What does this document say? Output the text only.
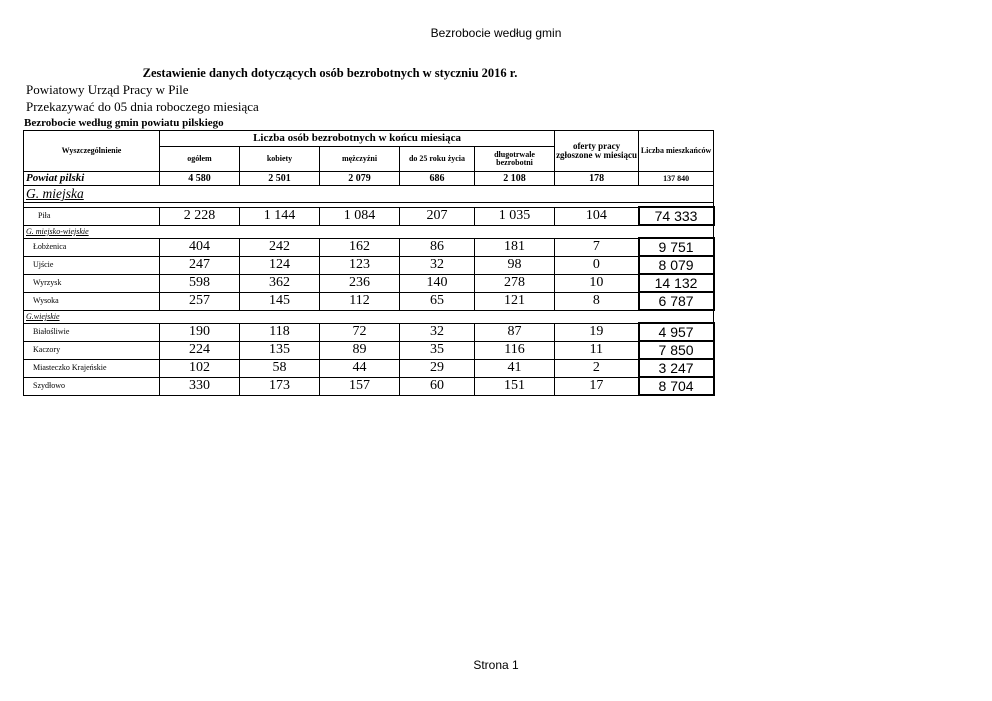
Bezrobocie według gmin
Zestawienie danych dotyczących osób bezrobotnych w styczniu 2016 r.
Powiatowy Urząd Pracy w Pile
Przekazywać do 05 dnia roboczego miesiąca
Bezrobocie według gmin powiatu pilskiego
Wyszczególnienie	Liczba osób bezrobotnych w końcu miesiąca					oferty pracy zgłoszone w miesiącu	Liczba mieszkańców
	ogółem	kobiety	mężczyźni	do 25 roku życia	długotrwale bezrobotni		
Powiat pilski	4 580	2 501	2 079	686	2 108	178	137 840
G. miejska							

Piła	2 228	1 144	1 084	207	1 035	104	74 333
G. miejsko-wiejskie							
Łobżenica	404	242	162	86	181	7	9 751
Ujście	247	124	123	32	98	0	8 079
Wyrzysk	598	362	236	140	278	10	14 132
Wysoka	257	145	112	65	121	8	6 787
G.wiejskie							
Białośliwie	190	118	72	32	87	19	4 957
Kaczory	224	135	89	35	116	11	7 850
Miasteczko Krajeńskie	102	58	44	29	41	2	3 247
Szydłowo	330	173	157	60	151	17	8 704
Strona 1
